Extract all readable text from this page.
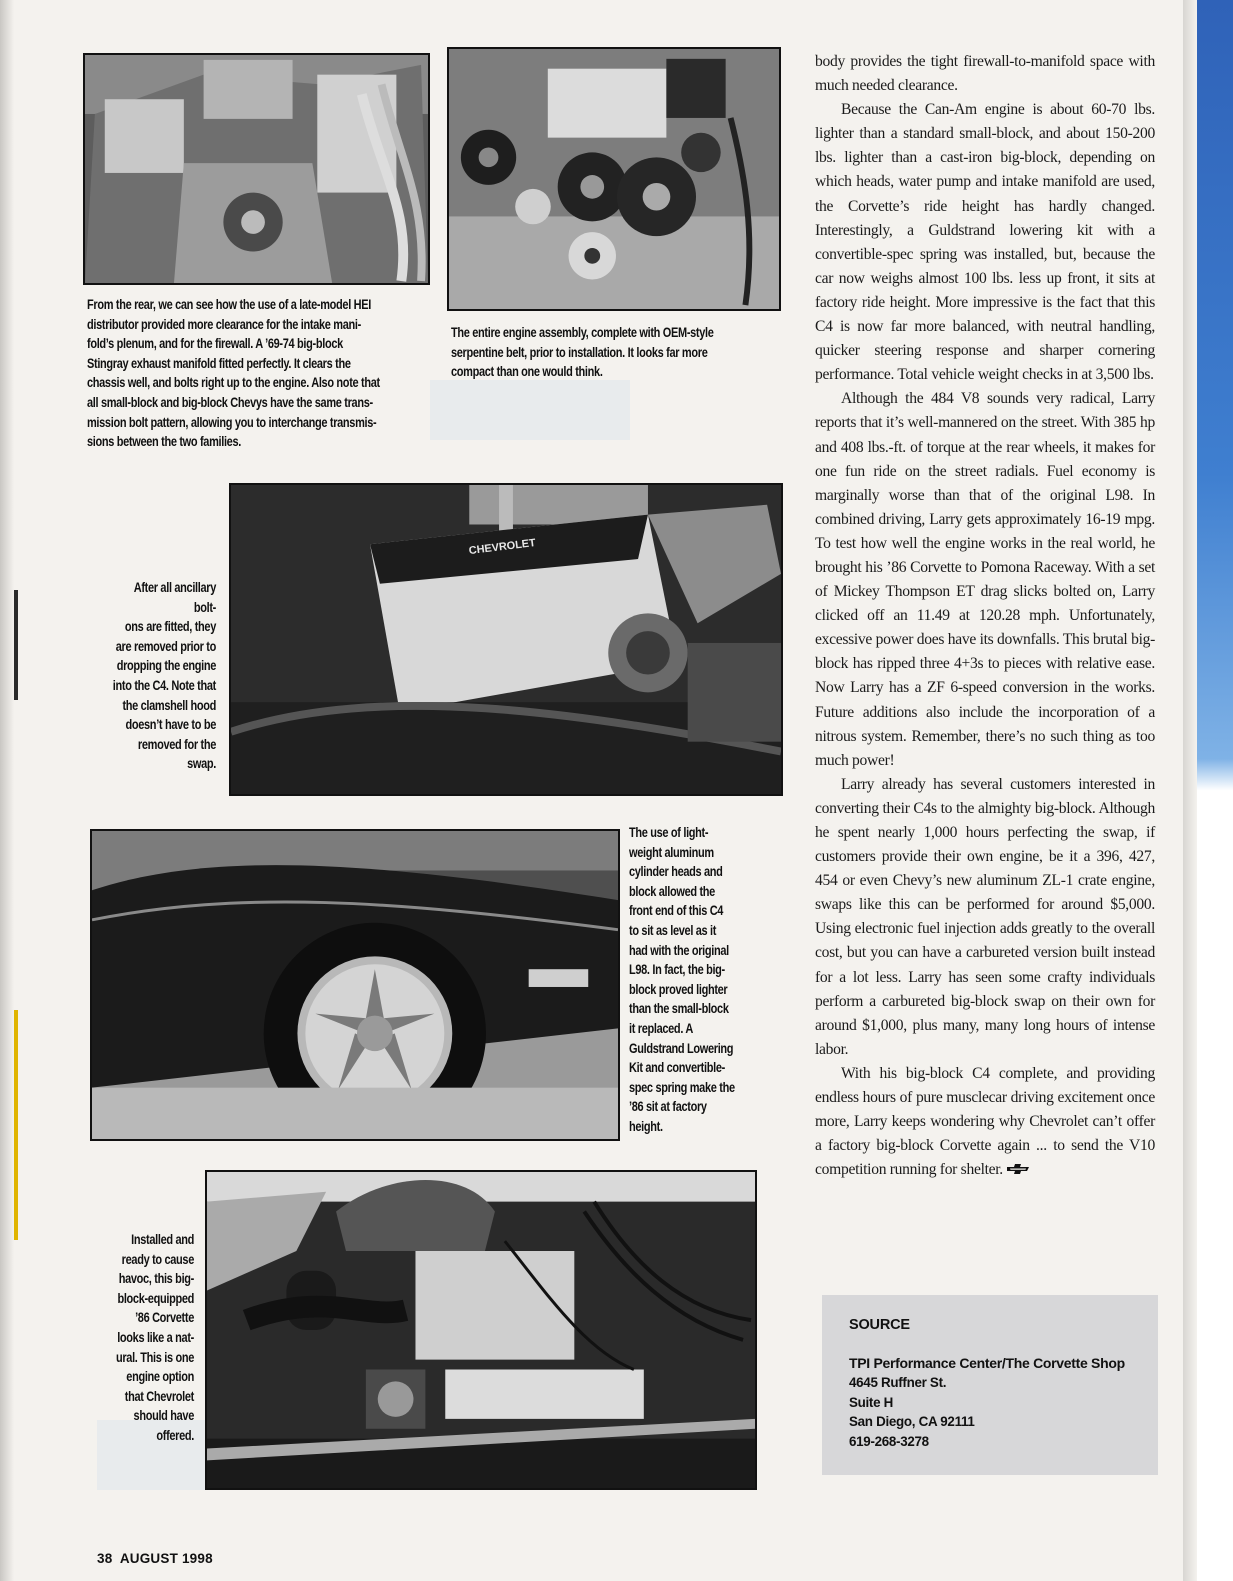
From the rear, we can see how the use of a late-model HEI
distributor provided more clearance for the intake mani-
fold’s plenum, and for the firewall. A ’69-74 big-block
Stingray exhaust manifold fitted perfectly. It clears the
chassis well, and bolts right up to the engine. Also note that
all small-block and big-block Chevys have the same trans-
mission bolt pattern, allowing you to interchange transmis-
sions between the two families.
The entire engine assembly, complete with OEM-style
serpentine belt, prior to installation. It looks far more
compact than one would think.
CHEVROLET
After all ancillary bolt-
ons are fitted, they
are removed prior to
dropping the engine
into the C4. Note that
the clamshell hood
doesn’t have to be
removed for the swap.
The use of light-
weight aluminum
cylinder heads and
block allowed the
front end of this C4
to sit as level as it
had with the original
L98. In fact, the big-
block proved lighter
than the small-block
it replaced. A
Guldstrand Lowering
Kit and convertible-
spec spring make the
’86 sit at factory
height.
Installed and
ready to cause
havoc, this big-
block-equipped
’86 Corvette
looks like a nat-
ural. This is one
engine option
that Chevrolet
should have
offered.

body provides the tight firewall-to-manifold space with much needed clearance.

Because the Can-Am engine is about 60-70 lbs. lighter than a standard small-block, and about 150-200 lbs. lighter than a cast-iron big-block, depending on which heads, water pump and intake manifold are used, the Corvette’s ride height has hardly changed. Interestingly, a Guldstrand lowering kit with a convertible-spec spring was installed, but, because the car now weighs almost 100 lbs. less up front, it sits at factory ride height. More impressive is the fact that this C4 is now far more balanced, with neutral handling, quicker steering response and sharper cornering performance. Total vehicle weight checks in at 3,500 lbs.

Although the 484 V8 sounds very radical, Larry reports that it’s well-mannered on the street. With 385 hp and 408 lbs.-ft. of torque at the rear wheels, it makes for one fun ride on the street radials. Fuel economy is marginally worse than that of the original L98. In combined driving, Larry gets approximately 16-19 mpg. To test how well the engine works in the real world, he brought his ’86 Corvette to Pomona Raceway. With a set of Mickey Thompson ET drag slicks bolted on, Larry clicked off an 11.49 at 120.28 mph. Unfortunately, excessive power does have its downfalls. This brutal big-block has ripped three 4+3s to pieces with relative ease. Now Larry has a ZF 6-speed conversion in the works. Future additions also include the incorporation of a nitrous system. Remember, there’s no such thing as too much power!

Larry already has several customers interested in converting their C4s to the almighty big-block. Although he spent nearly 1,000 hours perfecting the swap, if customers provide their own engine, be it a 396, 427, 454 or even Chevy’s new aluminum ZL-1 crate engine, swaps like this can be performed for around $5,000. Using electronic fuel injection adds greatly to the overall cost, but you can have a carbureted version built instead for a lot less. Larry has seen some crafty individuals perform a carbureted big-block swap on their own for around $1,000, plus many, many long hours of intense labor.

With his big-block C4 complete, and providing endless hours of pure musclecar driving excitement once more, Larry keeps wondering why Chevrolet can’t offer a factory big-block Corvette again ... to send the V10 competition running for shelter.

SOURCE
TPI Performance Center/The Corvette Shop
4645 Ruffner St.
Suite H
San Diego, CA 92111
619-268-3278
38  AUGUST 1998
